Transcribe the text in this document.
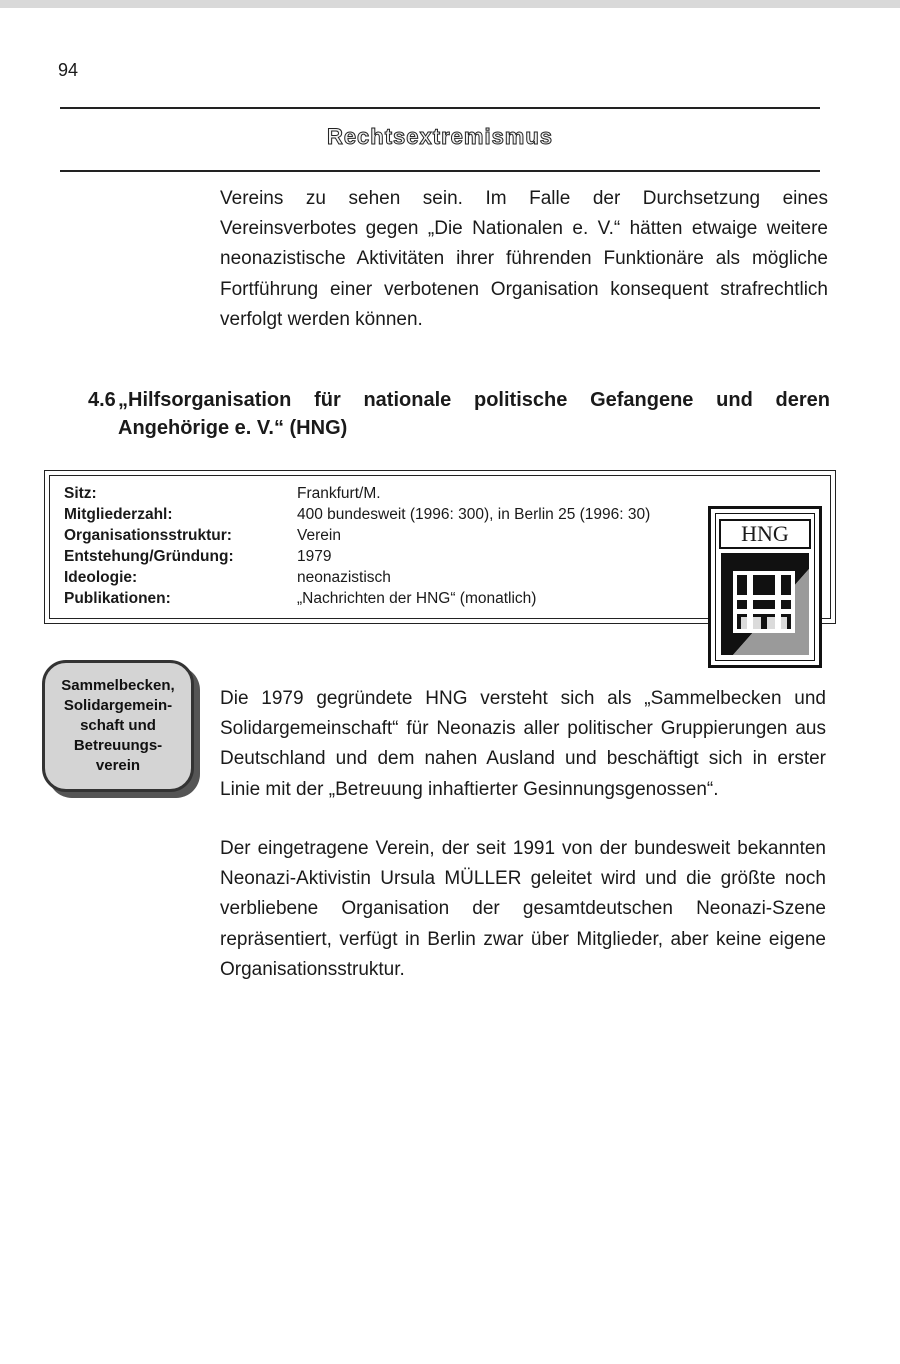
94
Rechtsextremismus
Vereins zu sehen sein. Im Falle der Durchsetzung eines Vereinsverbotes gegen „Die Nationalen e. V.“ hätten etwaige weitere neonazistische Aktivitäten ihrer führenden Funktionäre als mögliche Fortführung einer verbotenen Organisation konsequent strafrechtlich verfolgt werden können.
4.6 „Hilfsorganisation für nationale politische Gefangene und deren Angehörige e. V.“ (HNG)
Sitz:	Frankfurt/M.
Mitgliederzahl:	400 bundesweit (1996: 300), in Berlin 25 (1996: 30)
Organisationsstruktur:	Verein
Entstehung/Gründung:	1979
Ideologie:	neonazistisch
Publikationen:	„Nachrichten der HNG“ (monatlich)
HNG
Sammelbecken, Solidargemein-schaft und Betreuungs-verein
Die 1979 gegründete HNG versteht sich als „Sammelbecken und Solidargemeinschaft“ für Neonazis aller politischer Gruppierungen aus Deutschland und dem nahen Ausland und beschäftigt sich in erster Linie mit der „Betreuung inhaftierter Gesinnungsgenossen“.
Der eingetragene Verein, der seit 1991 von der bundesweit bekannten Neonazi-Aktivistin Ursula MÜLLER geleitet wird und die größte noch verbliebene Organisation der gesamtdeutschen Neonazi-Szene repräsentiert, verfügt in Berlin zwar über Mitglieder, aber keine eigene Organisationsstruktur.
